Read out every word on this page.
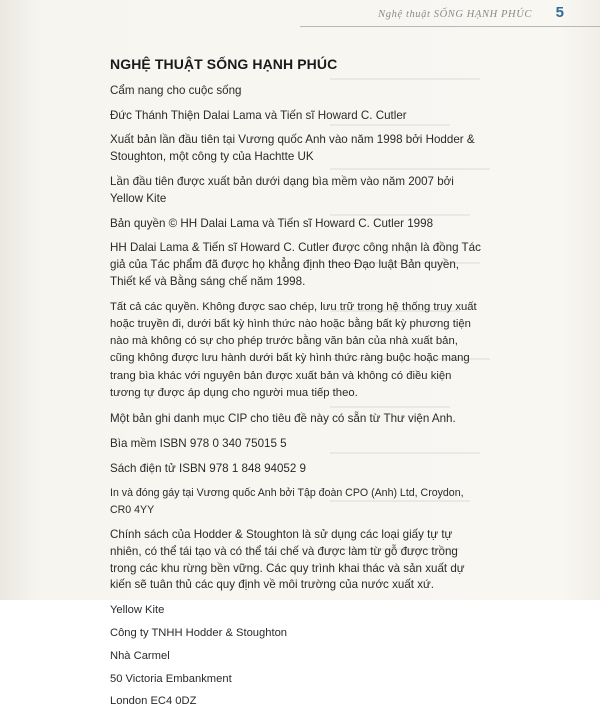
Nghệ thuật SỐNG HẠNH PHÚC 5
NGHỆ THUẬT SỐNG HẠNH PHÚC
Cẩm nang cho cuộc sống
Đức Thánh Thiện Dalai Lama và Tiến sĩ Howard C. Cutler
Xuất bản lần đầu tiên tại Vương quốc Anh vào năm 1998 bởi Hodder & Stoughton, một công ty của Hachtte UK
Lần đầu tiên được xuất bản dưới dạng bìa mềm vào năm 2007 bởi Yellow Kite
Bản quyền © HH Dalai Lama và Tiến sĩ Howard C. Cutler 1998
HH Dalai Lama & Tiến sĩ Howard C. Cutler được công nhận là đồng Tác giả của Tác phẩm đã được họ khẳng định theo Đạo luật Bản quyền, Thiết kế và Bằng sáng chế năm 1998.
Tất cả các quyền. Không được sao chép, lưu trữ trong hệ thống truy xuất hoặc truyền đi, dưới bất kỳ hình thức nào hoặc bằng bất kỳ phương tiện nào mà không có sự cho phép trước bằng văn bản của nhà xuất bản, cũng không được lưu hành dưới bất kỳ hình thức ràng buộc hoặc mang trang bìa khác với nguyên bản được xuất bản và không có điều kiện tương tự được áp dụng cho người mua tiếp theo.
Một bản ghi danh mục CIP cho tiêu đề này có sẵn từ Thư viện Anh.
Bìa mềm ISBN 978 0 340 75015 5
Sách điện tử ISBN 978 1 848 94052 9
In và đóng gáy tại Vương quốc Anh bởi Tập đoàn CPO (Anh) Ltd, Croydon, CR0 4YY
Chính sách của Hodder & Stoughton là sử dụng các loại giấy tự tự nhiên, có thể tái tạo và có thể tái chế và được làm từ gỗ được trồng trong các khu rừng bền vững. Các quy trình khai thác và sản xuất dự kiến sẽ tuân thủ các quy định về môi trường của nước xuất xứ.
Yellow Kite
Công ty TNHH Hodder & Stoughton
Nhà Carmel
50 Victoria Embankment
London EC4 0DZ
